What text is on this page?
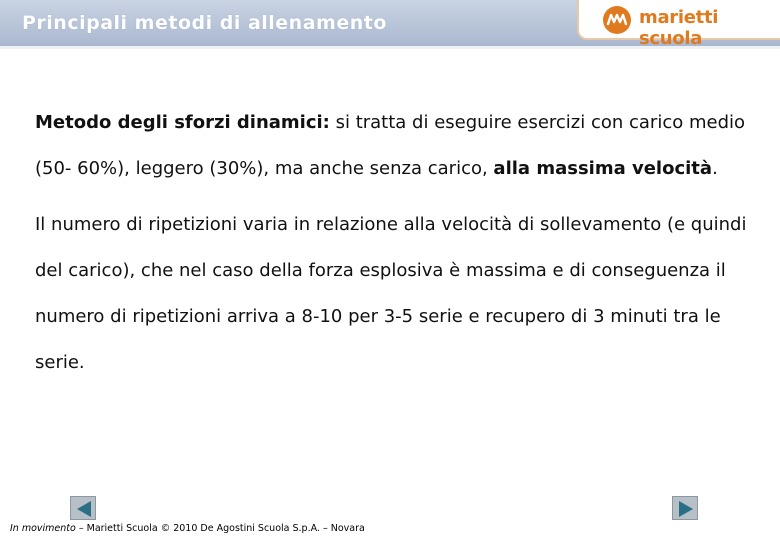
Principali metodi di allenamento	marietti scuola

Metodo degli sforzi dinamici: si tratta di eseguire esercizi con carico medio (50- 60%), leggero (30%), ma anche senza carico, alla massima velocità.

Il numero di ripetizioni varia in relazione alla velocità di sollevamento (e quindi del carico), che nel caso della forza esplosiva è massima e di conseguenza il numero di ripetizioni arriva a 8-10 per 3-5 serie e recupero di 3 minuti tra le serie.

In movimento – Marietti Scuola © 2010 De Agostini Scuola S.p.A. – Novara
